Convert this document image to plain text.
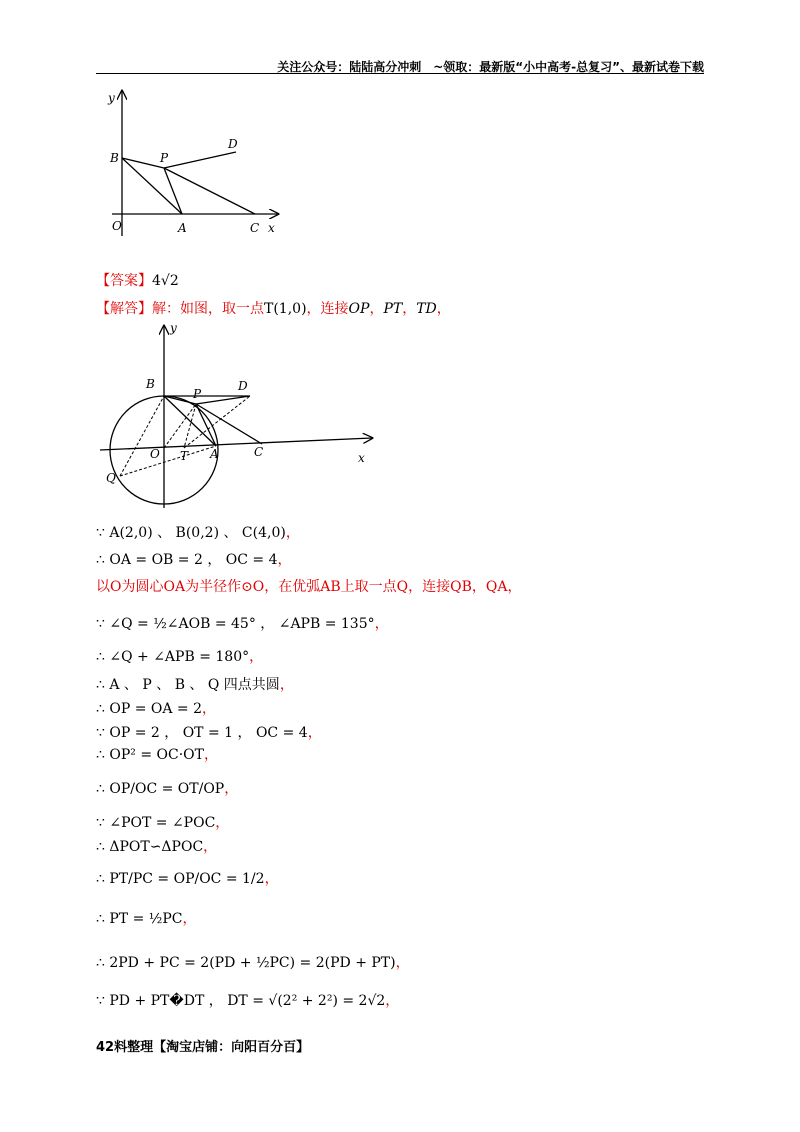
关注公众号：陆陆高分冲刺　~领取：最新版“小中高考-总复习”、最新试卷下载
y
B	P
D
O	A	C x
【答案】4√2
【解答】解：如图，取一点T(1,0)，连接OP，PT，TD，
y
B
P
D
O T A	C	x
Q
∵ A(2,0) 、 B(0,2) 、 C(4,0)，
∴ OA = OB = 2 ， OC = 4，
以O为圆心OA为半径作⊙O，在优弧AB上取一点Q，连接QB，QA，
∵ ∠Q = ½∠AOB = 45° ， ∠APB = 135°，
∴ ∠Q + ∠APB = 180°，
∴ A 、 P 、 B 、 Q 四点共圆，
∴ OP = OA = 2，
∵ OP = 2 ， OT = 1 ， OC = 4，
∴ OP² = OC·OT，
∴ OP/OC = OT/OP，
∵ ∠POT = ∠POC，
∴ ΔPOT∽ΔPOC，
∴ PT/PC = OP/OC = 1/2，
∴ PT = ½PC，
∴ 2PD + PC = 2(PD + ½PC) = 2(PD + PT)，
∵ PD + PT�DT ， DT = √(2² + 2²) = 2√2，
42料整理【淘宝店铺：向阳百分百】
